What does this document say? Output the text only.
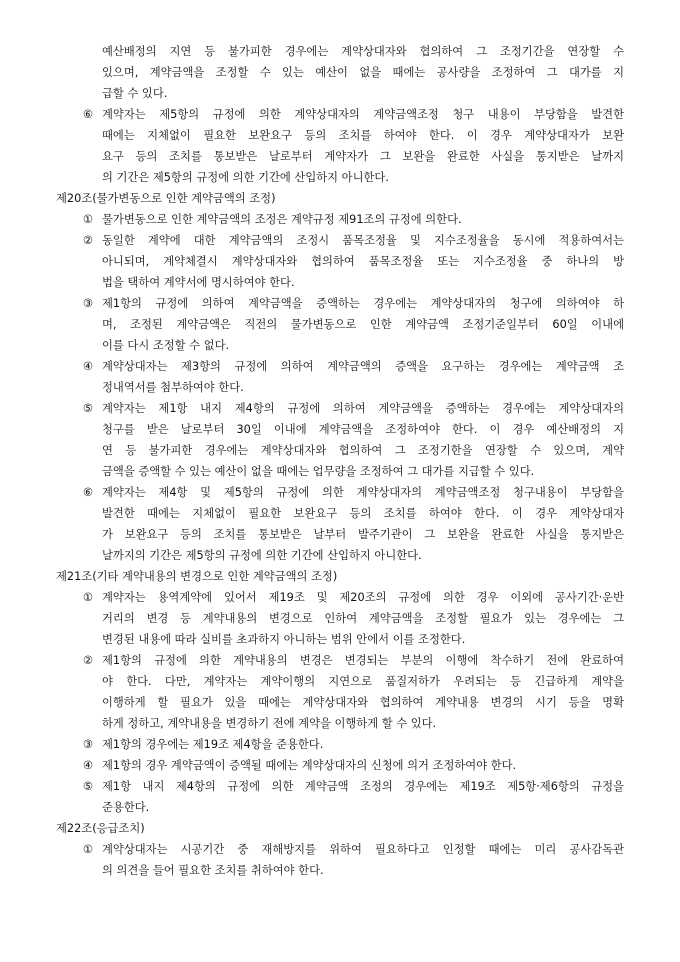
예산배정의 지연 등 불가피한 경우에는 계약상대자와 협의하여 그 조정기간을 연장할 수
있으며, 계약금액을 조정할 수 있는 예산이 없을 때에는 공사량을 조정하여 그 대가를 지
급할 수 있다.
⑥ 계약자는 제5항의 규정에 의한 계약상대자의 계약금액조정 청구 내용이 부당함을 발견한
때에는 지체없이 필요한 보완요구 등의 조치를 하여야 한다. 이 경우 계약상대자가 보완
요구 등의 조치를 통보받은 날로부터 계약자가 그 보완을 완료한 사실을 통지받은 날까지
의 기간은 제5항의 규정에 의한 기간에 산입하지 아니한다.
제20조(물가변동으로 인한 계약금액의 조정)
① 물가변동으로 인한 계약금액의 조정은 계약규정 제91조의 규정에 의한다.
② 동일한 계약에 대한 계약금액의 조정시 품목조정율 및 지수조정율을 동시에 적용하여서는
아니되며, 계약체결시 계약상대자와 협의하여 품목조정율 또는 지수조정율 중 하나의 방
법을 택하여 계약서에 명시하여야 한다.
③ 제1항의 규정에 의하여 계약금액을 증액하는 경우에는 계약상대자의 청구에 의하여야 하
며, 조정된 계약금액은 직전의 물가변동으로 인한 계약금액 조정기준일부터 60일 이내에
이를 다시 조정할 수 없다.
④ 계약상대자는 제3항의 규정에 의하여 계약금액의 증액을 요구하는 경우에는 계약금액 조
정내역서를 첨부하여야 한다.
⑤ 계약자는 제1항 내지 제4항의 규정에 의하여 계약금액을 증액하는 경우에는 계약상대자의
청구를 받은 날로부터 30일 이내에 계약금액을 조정하여야 한다. 이 경우 예산배정의 지
연 등 불가피한 경우에는 계약상대자와 협의하여 그 조정기한을 연장할 수 있으며, 계약
금액을 증액할 수 있는 예산이 없을 때에는 업무량을 조정하여 그 대가를 지급할 수 있다.
⑥ 계약자는 제4항 및 제5항의 규정에 의한 계약상대자의 계약금액조정 청구내용이 부당함을
발견한 때에는 지체없이 필요한 보완요구 등의 조치를 하여야 한다. 이 경우 계약상대자
가 보완요구 등의 조치를 통보받은 날부터 발주기관이 그 보완을 완료한 사실을 통지받은
날까지의 기간은 제5항의 규정에 의한 기간에 산입하지 아니한다.
제21조(기타 계약내용의 변경으로 인한 계약금액의 조정)
① 계약자는 용역계약에 있어서 제19조 및 제20조의 규정에 의한 경우 이외에 공사기간·운반
거리의 변경 등 계약내용의 변경으로 인하여 계약금액을 조정할 필요가 있는 경우에는 그
변경된 내용에 따라 실비를 초과하지 아니하는 범위 안에서 이를 조정한다.
② 제1항의 규정에 의한 계약내용의 변경은 변경되는 부분의 이행에 착수하기 전에 완료하여
야 한다. 다만, 계약자는 계약이행의 지연으로 품질저하가 우려되는 등 긴급하게 계약을
이행하게 할 필요가 있을 때에는 계약상대자와 협의하여 계약내용 변경의 시기 등을 명확
하게 정하고, 계약내용을 변경하기 전에 계약을 이행하게 할 수 있다.
③ 제1항의 경우에는 제19조 제4항을 준용한다.
④ 제1항의 경우 계약금액이 증액될 때에는 계약상대자의 신청에 의거 조정하여야 한다.
⑤ 제1항 내지 제4항의 규정에 의한 계약금액 조정의 경우에는 제19조 제5항·제6항의 규정을
준용한다.
제22조(응급조치)
① 계약상대자는 시공기간 중 재해방지를 위하여 필요하다고 인정할 때에는 미리 공사감독관
의 의견을 들어 필요한 조치를 취하여야 한다.
